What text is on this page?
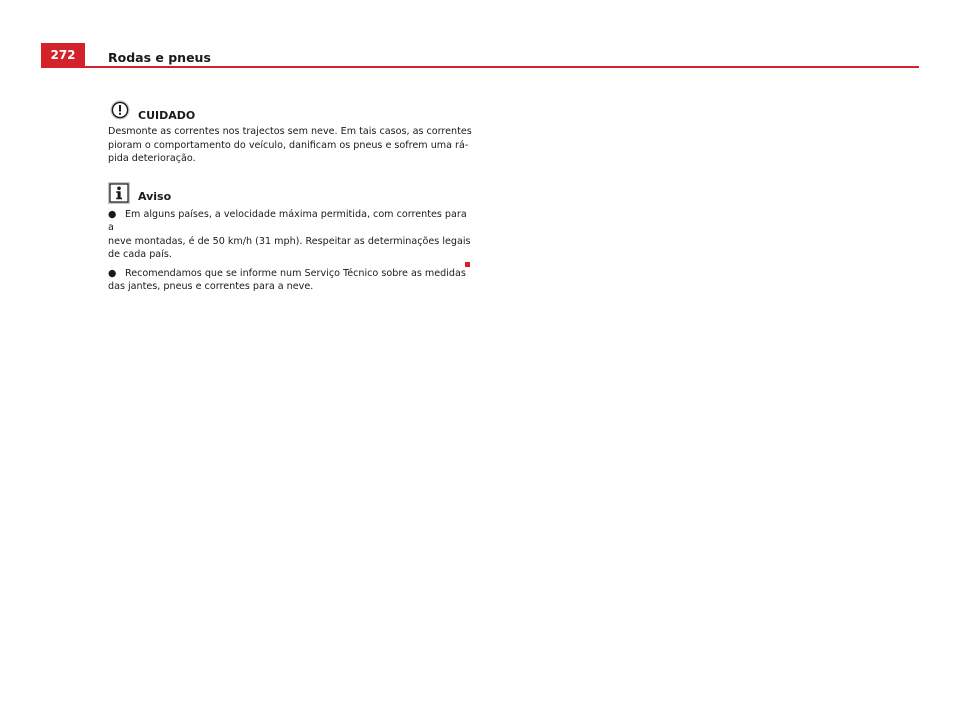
272	Rodas e pneus
CUIDADO

Desmonte as correntes nos trajectos sem neve. Em tais casos, as correntes

pioram o comportamento do veículo, danificam os pneus e sofrem uma rá-

pida deterioração.

Aviso
● Em alguns países, a velocidade máxima permitida, com correntes para a
neve montadas, é de 50 km/h (31 mph). Respeitar as determinações legais
de cada país.
● Recomendamos que se informe num Serviço Técnico sobre as medidas
das jantes, pneus e correntes para a neve.
